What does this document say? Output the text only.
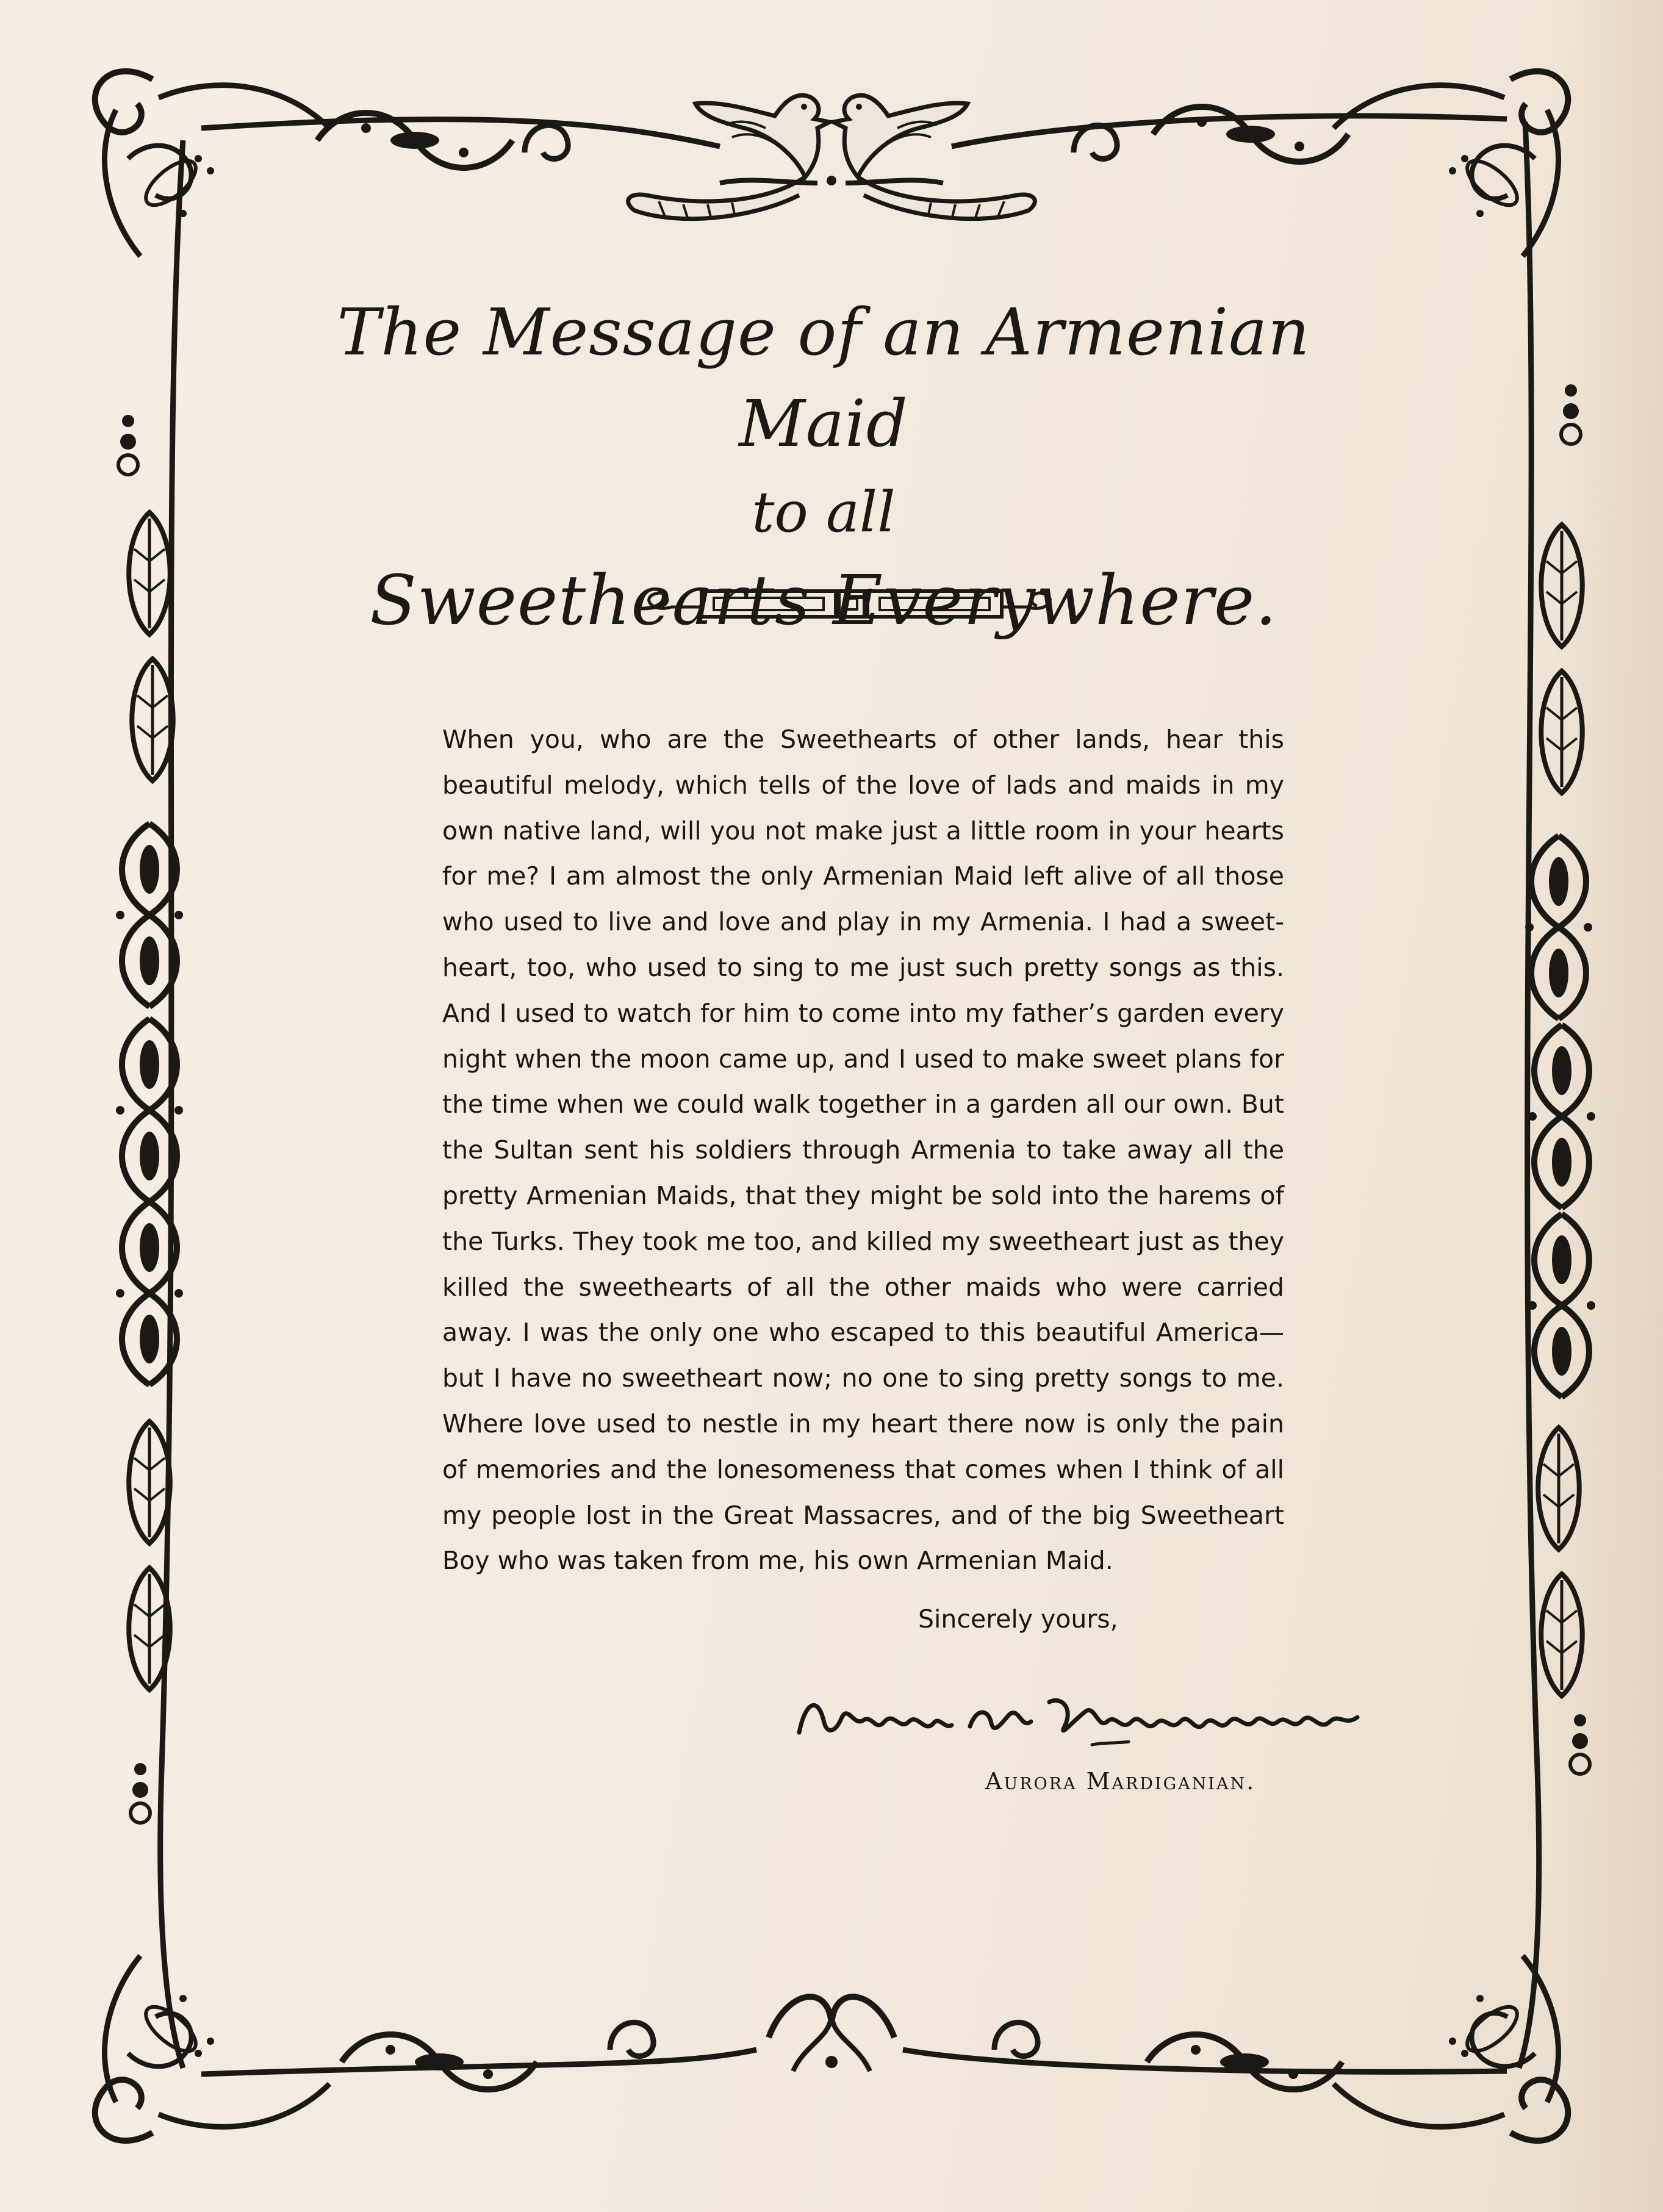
The Message of an Armenian Maid
to all
Sweethearts Everywhere.

When you, who are the Sweethearts of other lands, hear this beautiful melody, which tells of the love of lads and maids in my own native land, will you not make just a little room in your hearts for me? I am almost the only Armenian Maid left alive of all those who used to live and love and play in my Armenia. I had a sweet-heart, too, who used to sing to me just such pretty songs as this. And I used to watch for him to come into my father’s garden every night when the moon came up, and I used to make sweet plans for the time when we could walk together in a garden all our own. But the Sultan sent his soldiers through Armenia to take away all the pretty Armenian Maids, that they might be sold into the harems of the Turks. They took me too, and killed my sweetheart just as they killed the sweethearts of all the other maids who were carried away. I was the only one who escaped to this beautiful America— but I have no sweetheart now; no one to sing pretty songs to me. Where love used to nestle in my heart there now is only the pain of memories and the lonesomeness that comes when I think of all my people lost in the Great Massacres, and of the big Sweetheart Boy who was taken from me, his own Armenian Maid.

Sincerely yours,
Aurora Mardiganian.
